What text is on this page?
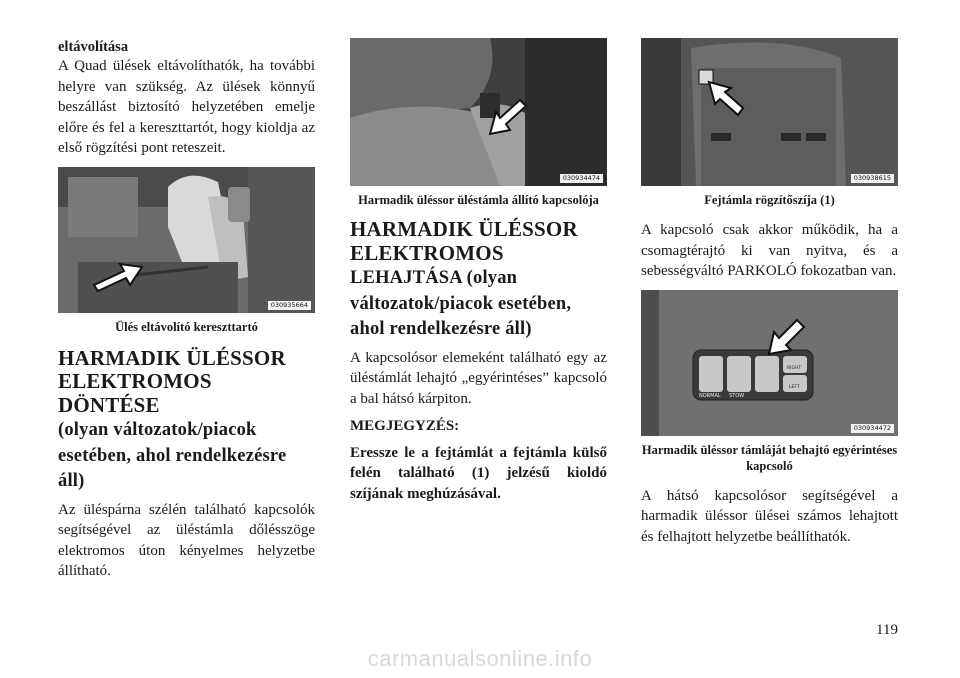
eltávolítása

A Quad ülések eltávolíthatók, ha további helyre van szükség. Az ülések könnyű beszállást biztosító helyzetében emelje előre és fel a kereszttartót, hogy kioldja az első rögzítési pont reteszeit.

030935664

Ülés eltávolító kereszttartó

HARMADIK ÜLÉSSOR
ELEKTROMOS DÖNTÉSE
(olyan változatok/piacok esetében, ahol rendelkezésre áll)

Az üléspárna szélén található kapcsolók segítségével az üléstámla dőlésszöge elektromos úton kényelmes helyzetbe állítható.

030934474

Harmadik üléssor üléstámla állító kapcsolója

HARMADIK ÜLÉSSOR
ELEKTROMOS
LEHAJTÁSA (olyan változatok/piacok esetében, ahol rendelkezésre áll)

A kapcsolósor elemeként található egy az üléstámlát lehajtó „egyérintéses” kapcsoló a bal hátsó kárpiton.

MEGJEGYZÉS:

Eressze le a fejtámlát a fejtámla külső felén található (1) jelzésű kioldó szíjának meghúzásával.

030938615

Fejtámla rögzítőszíja (1)

A kapcsoló csak akkor működik, ha a csomagtérajtó ki van nyitva, és a sebességváltó PARKOLÓ fokozatban van.

NORMAL STOW
RIGHT
LEFT
030934472

Harmadik üléssor támláját behajtó egyérintéses kapcsoló

A hátsó kapcsolósor segítségével a harmadik üléssor ülései számos lehajtott és felhajtott helyzetbe beállíthatók.

119
carmanualsonline.info
